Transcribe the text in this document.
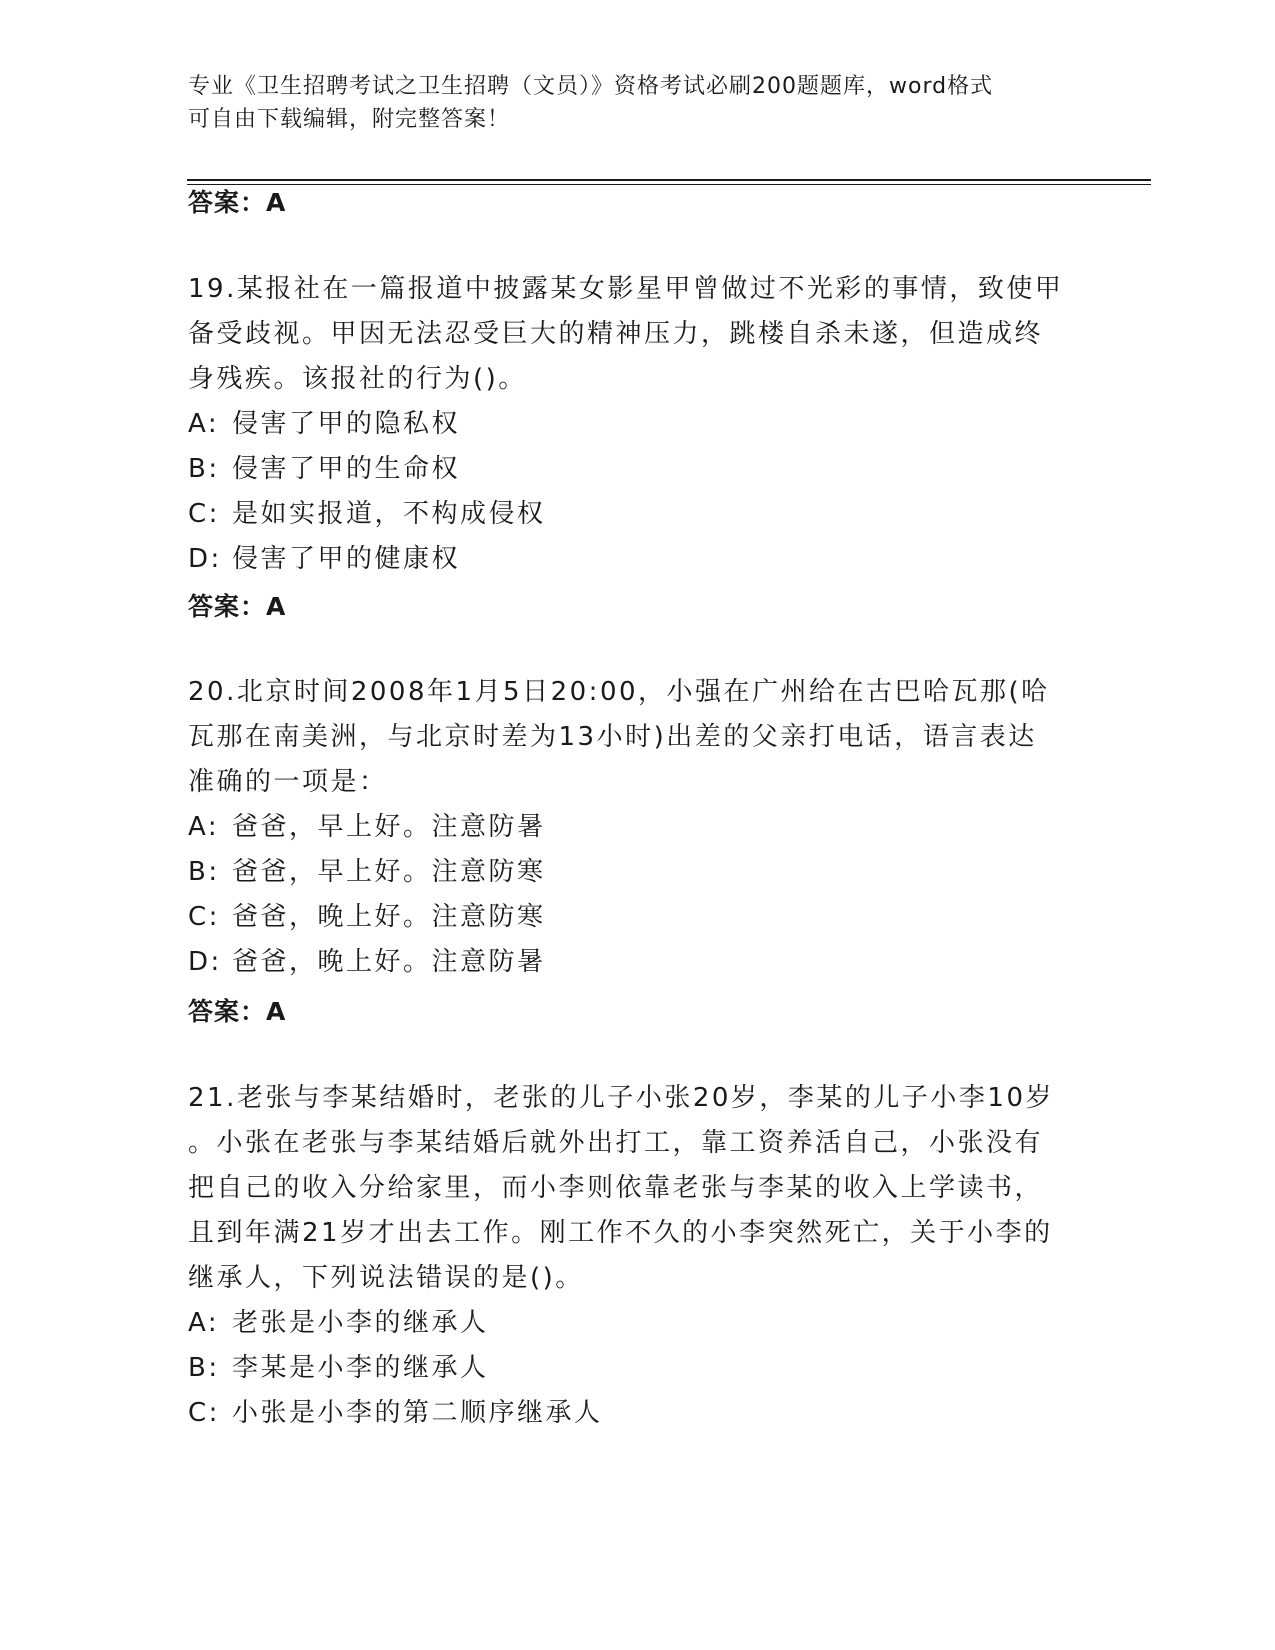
专业《卫生招聘考试之卫生招聘（文员）》资格考试必刷200题题库，word格式
可自由下载编辑，附完整答案！
答案：A

19.某报社在一篇报道中披露某女影星甲曾做过不光彩的事情，致使甲

备受歧视。甲因无法忍受巨大的精神压力，跳楼自杀未遂，但造成终

身残疾。该报社的行为()。

A: 侵害了甲的隐私权

B: 侵害了甲的生命权

C: 是如实报道，不构成侵权

D: 侵害了甲的健康权

答案：A

20.北京时间2008年1月5日20:00，小强在广州给在古巴哈瓦那(哈

瓦那在南美洲，与北京时差为13小时)出差的父亲打电话，语言表达

准确的一项是：

A: 爸爸，早上好。注意防暑

B: 爸爸，早上好。注意防寒

C: 爸爸，晚上好。注意防寒

D: 爸爸，晚上好。注意防暑

答案：A

21.老张与李某结婚时，老张的儿子小张20岁，李某的儿子小李10岁

。小张在老张与李某结婚后就外出打工，靠工资养活自己，小张没有

把自己的收入分给家里，而小李则依靠老张与李某的收入上学读书，

且到年满21岁才出去工作。刚工作不久的小李突然死亡，关于小李的

继承人，下列说法错误的是()。

A: 老张是小李的继承人

B: 李某是小李的继承人

C: 小张是小李的第二顺序继承人
